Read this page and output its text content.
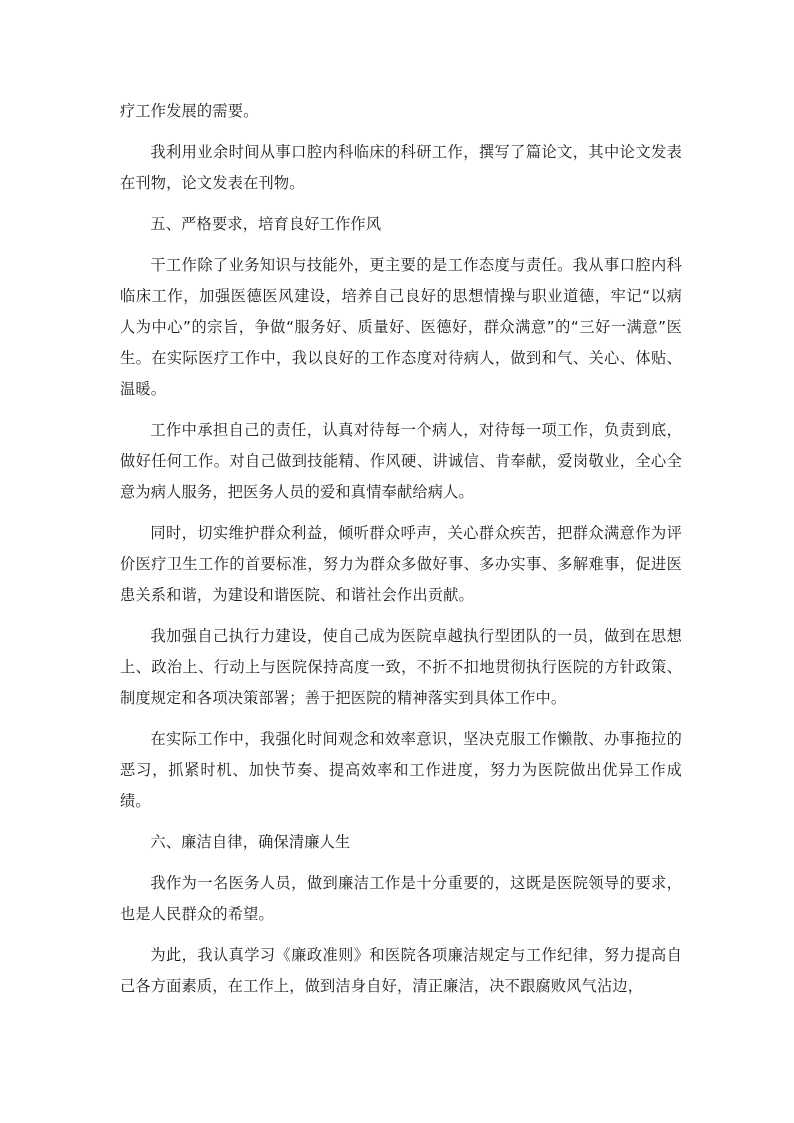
疗工作发展的需要。

我利用业余时间从事口腔内科临床的科研工作，撰写了篇论文，其中论文发表在刊物，论文发表在刊物。

五、严格要求，培育良好工作作风

干工作除了业务知识与技能外，更主要的是工作态度与责任。我从事口腔内科临床工作，加强医德医风建设，培养自己良好的思想情操与职业道德，牢记“以病人为中心”的宗旨，争做“服务好、质量好、医德好，群众满意”的“三好一满意”医生。在实际医疗工作中，我以良好的工作态度对待病人，做到和气、关心、体贴、温暖。

工作中承担自己的责任，认真对待每一个病人，对待每一项工作，负责到底，做好任何工作。对自己做到技能精、作风硬、讲诚信、肯奉献，爱岗敬业，全心全意为病人服务，把医务人员的爱和真情奉献给病人。

同时，切实维护群众利益，倾听群众呼声，关心群众疾苦，把群众满意作为评价医疗卫生工作的首要标准，努力为群众多做好事、多办实事、多解难事，促进医患关系和谐，为建设和谐医院、和谐社会作出贡献。

我加强自己执行力建设，使自己成为医院卓越执行型团队的一员，做到在思想上、政治上、行动上与医院保持高度一致，不折不扣地贯彻执行医院的方针政策、制度规定和各项决策部署；善于把医院的精神落实到具体工作中。

在实际工作中，我强化时间观念和效率意识，坚决克服工作懒散、办事拖拉的恶习，抓紧时机、加快节奏、提高效率和工作进度，努力为医院做出优异工作成绩。

六、廉洁自律，确保清廉人生

我作为一名医务人员，做到廉洁工作是十分重要的，这既是医院领导的要求，也是人民群众的希望。

为此，我认真学习《廉政准则》和医院各项廉洁规定与工作纪律，努力提高自己各方面素质，在工作上，做到洁身自好，清正廉洁，决不跟腐败风气沾边，
